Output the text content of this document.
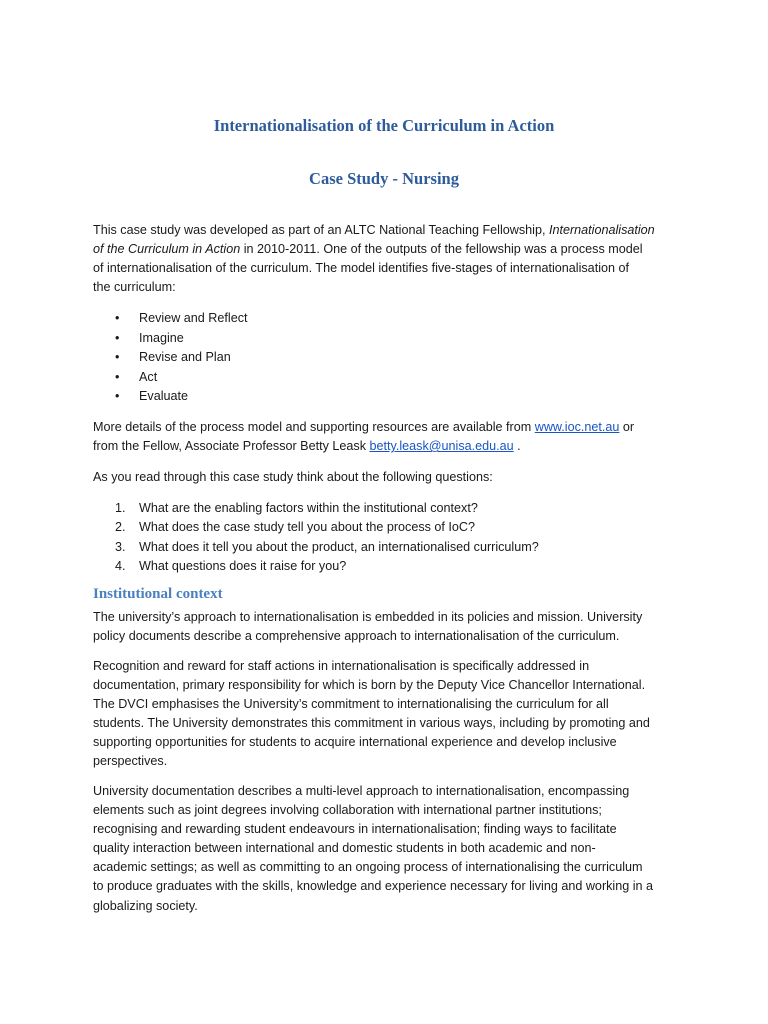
Internationalisation of the Curriculum in Action
Case Study - Nursing

This case study was developed as part of an ALTC National Teaching Fellowship, Internationalisation
of the Curriculum in Action in 2010-2011. One of the outputs of the fellowship was a process model
of internationalisation of the curriculum. The model identifies five-stages of internationalisation of
the curriculum:

• Review and Reflect
• Imagine
• Revise and Plan
• Act
• Evaluate

More details of the process model and supporting resources are available from www.ioc.net.au or
from the Fellow, Associate Professor Betty Leask betty.leask@unisa.edu.au .

As you read through this case study think about the following questions:

1. What are the enabling factors within the institutional context?
2. What does the case study tell you about the process of IoC?
3. What does it tell you about the product, an internationalised curriculum?
4. What questions does it raise for you?
Institutional context

The university’s approach to internationalisation is embedded in its policies and mission. University
policy documents describe a comprehensive approach to internationalisation of the curriculum.

Recognition and reward for staff actions in internationalisation is specifically addressed in
documentation, primary responsibility for which is born by the Deputy Vice Chancellor International.
The DVCI emphasises the University’s commitment to internationalising the curriculum for all
students. The University demonstrates this commitment in various ways, including by promoting and
supporting opportunities for students to acquire international experience and develop inclusive
perspectives.

University documentation describes a multi-level approach to internationalisation, encompassing
elements such as joint degrees involving collaboration with international partner institutions;
recognising and rewarding student endeavours in internationalisation; finding ways to facilitate
quality interaction between international and domestic students in both academic and non-
academic settings; as well as committing to an ongoing process of internationalising the curriculum
to produce graduates with the skills, knowledge and experience necessary for living and working in a
globalizing society.
